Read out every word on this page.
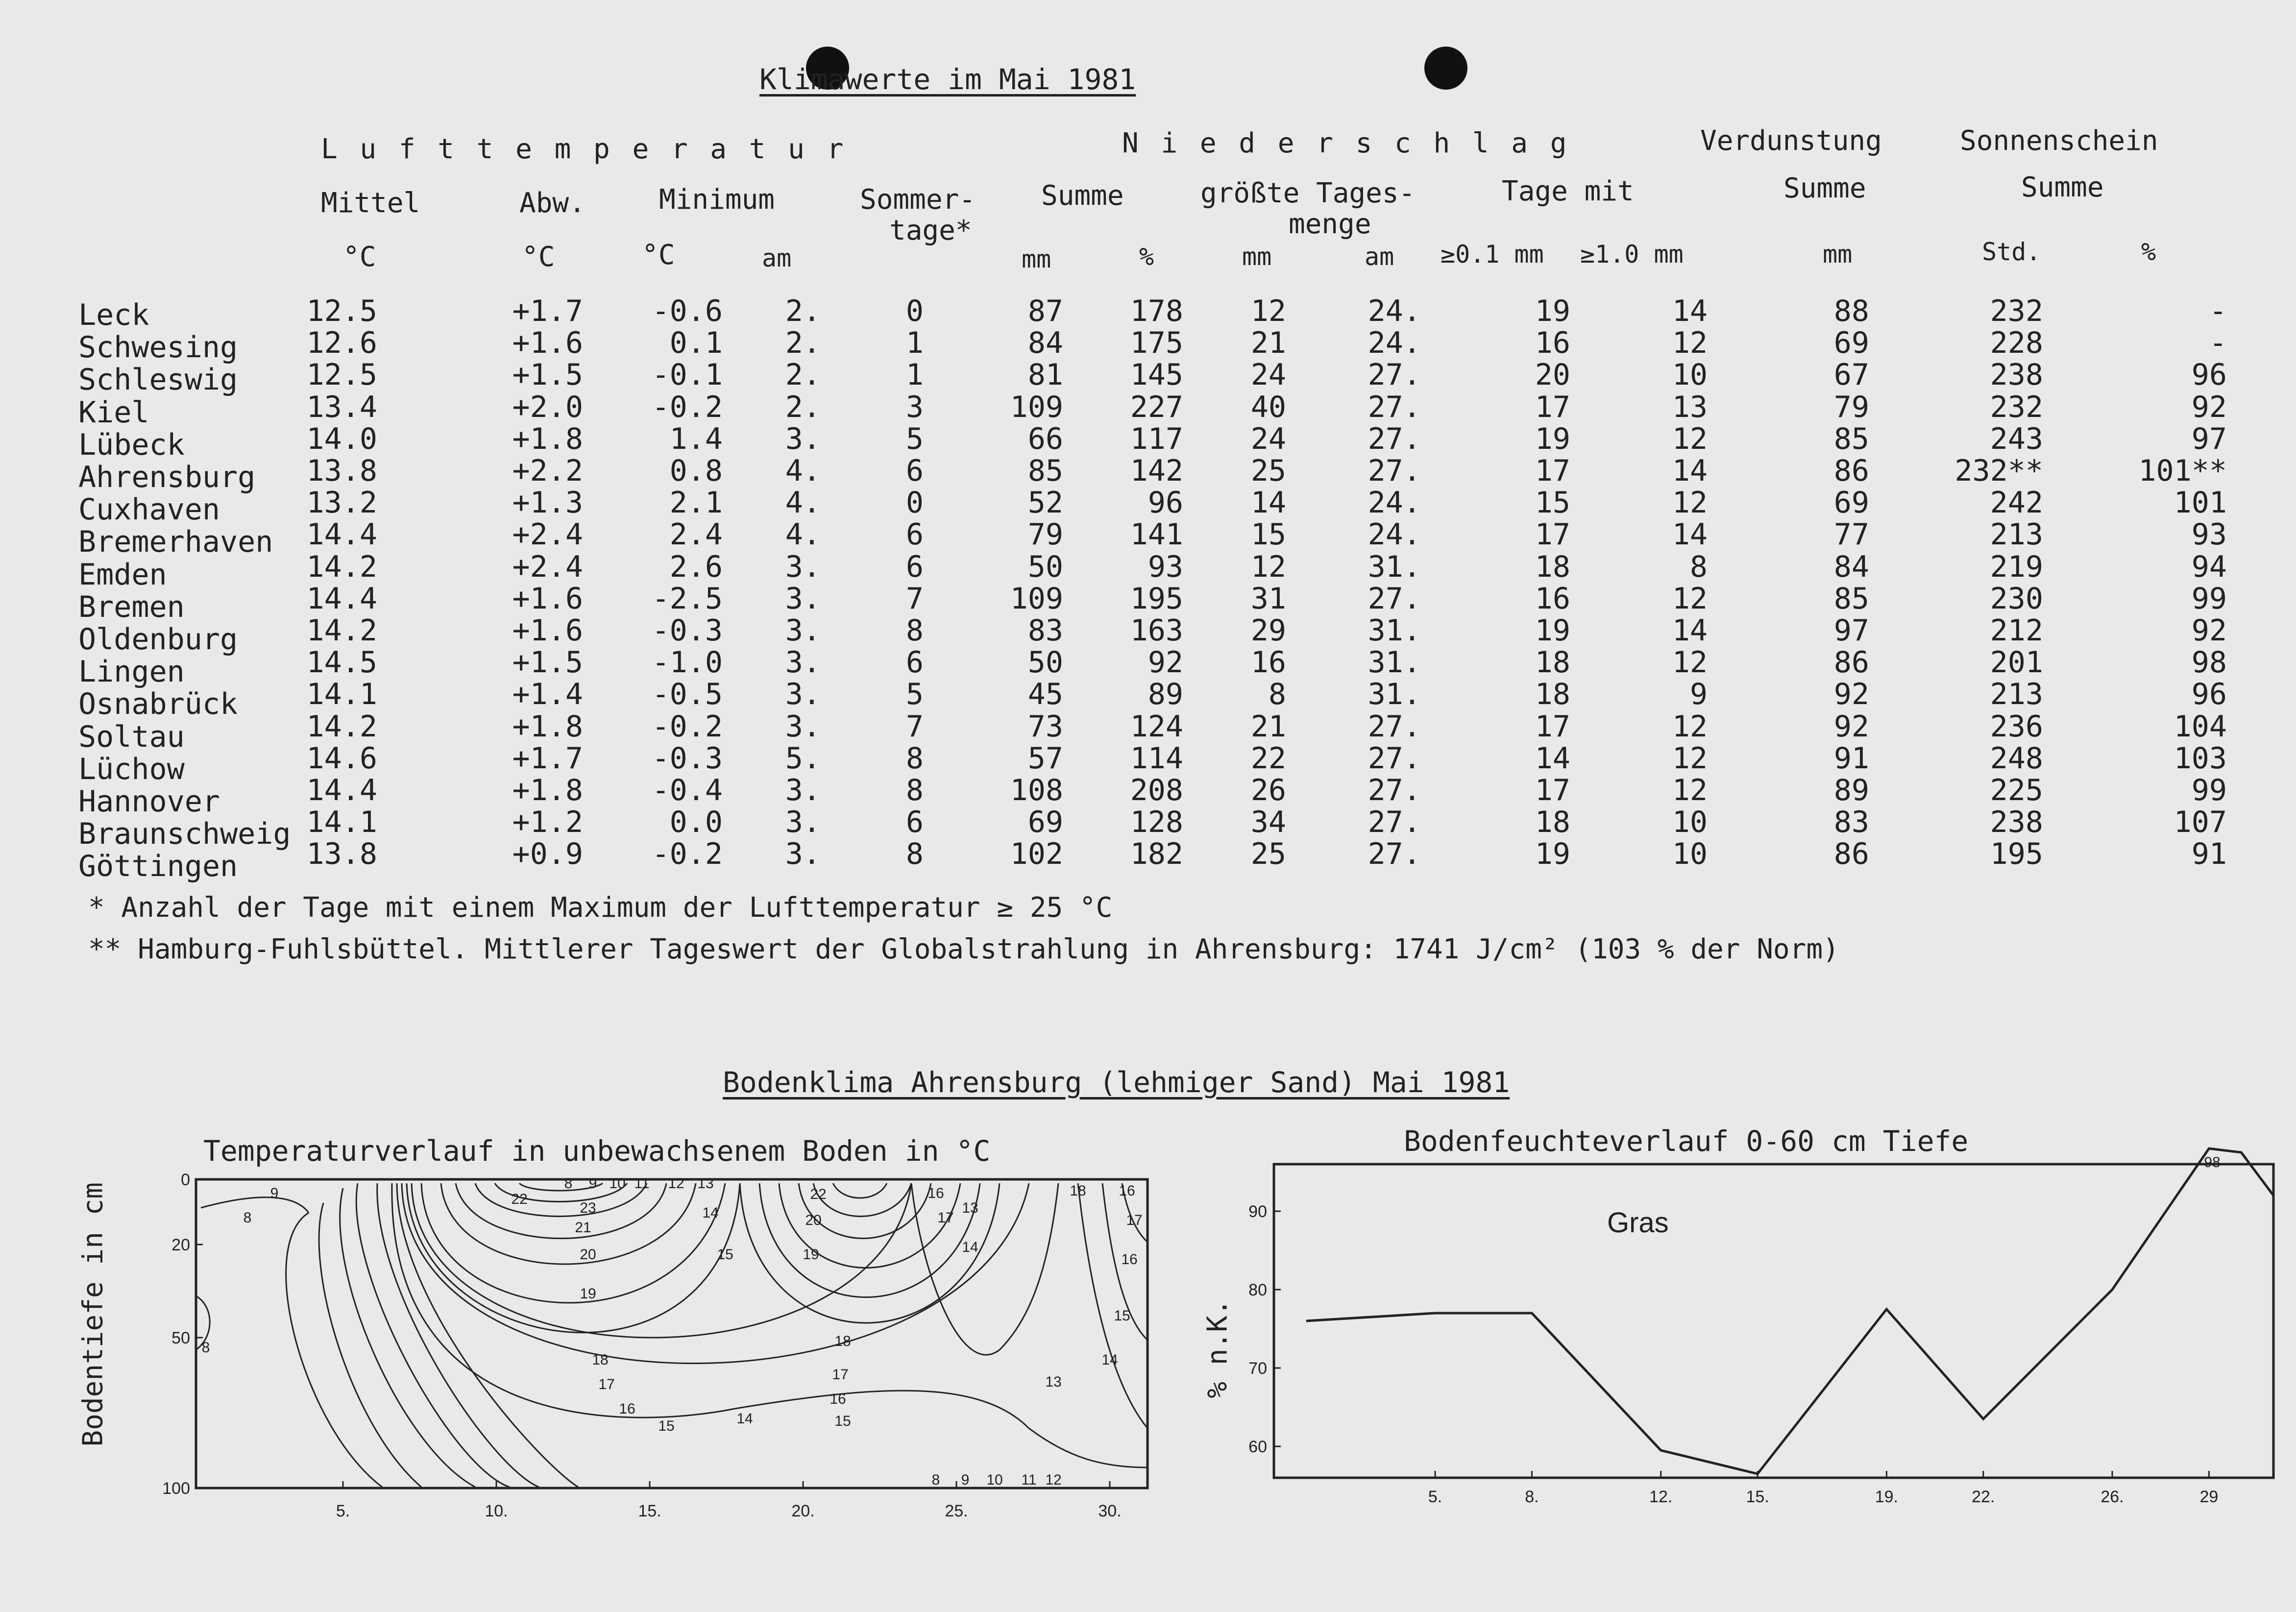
Klimawerte im Mai 1981
L u f t t e m p e r a t u r	N i e d e r s c h l a g	Verdunstung	Sonnenschein
Mittel	Abw.	Minimum	Sommer-
tage*
Summe	größte Tages-
menge
Tage mit	Summe	Summe
°C	°C	°C	am	mm	%	mm	am ≥0.1 mm ≥1.0 mm	mm	Std.	%
Leck	12.5	+1.7 -0.6 2.	0	87 178 12	24.	19	14	88	232	-
Schwesing 12.6	+1.6	0.1 2.	1	84 175 21	24.	16	12	69	228	-
Schleswig 12.5	+1.5 -0.1 2.	1	81 145 24	27.	20	10	67	238	96
Kiel	13.4	+2.0 -0.2 2.	3	109 227 40	27.	17	13	79	232	92
Lübeck	14.0	+1.8	1.4 3.	5	66 117 24	27.	19	12	85	243	97
Ahrensburg 13.8	+2.2	0.8 4.	6	85 142 25	27.	17	14	86	232**	101**
Cuxhaven	13.2	+1.3	2.1 4.	0	52	96 14	24.	15	12	69	242	101
Bremerhaven 14.4	+2.4	2.4 4.	6	79 141 15	24.	17	14	77	213	93
Emden	14.2	+2.4	2.6 3.	6	50	93 12	31.	18	8	84	219	94
Bremen	14.4	+1.6 -2.5 3.	7	109 195 31	27.	16	12	85	230	99
Oldenburg 14.2	+1.6 -0.3 3.	8	83 163 29	31.	19	14	97	212	92
Lingen	14.5	+1.5 -1.0 3.	6	50	92 16	31.	18	12	86	201	98
Osnabrück 14.1	+1.4 -0.5 3.	5	45	89	8	31.	18	9	92	213	96
Soltau	14.2	+1.8 -0.2 3.	7	73 124 21	27.	17	12	92	236	104
Lüchow	14.6	+1.7 -0.3 5.	8	57 114 22	27.	14	12	91	248	103
Hannover	14.4	+1.8 -0.4 3.	8	108 208 26	27.	17	12	89	225	99
Braunschweig 14.1	+1.2	0.0 3.	6	69 128 34	27.	18	10	83	238	107
Göttingen 13.8	+0.9 -0.2 3.	8	102 182 25	27.	19	10	86	195	91
* Anzahl der Tage mit einem Maximum der Lufttemperatur ≥ 25 °C
** Hamburg-Fuhlsbüttel. Mittlerer Tageswert der Globalstrahlung in Ahrensburg: 1741 J/cm² (103 % der Norm)
Bodenklima Ahrensburg (lehmiger Sand) Mai 1981
Temperaturverlauf in unbewachsenem Boden in °C
Bodentiefe in cm
0
20
50
100
5.	10.	15.	20.	25.	30.
8
9
8
23
22
21
20
19
18
17
16
15	14
13
12
11
10
9
8
22
20
19
18
17
16
15
14
15
16
17
13
14
18 16
17
16
15
14
13
12
11
10
9
8
Bodenfeuchteverlauf 0-60 cm Tiefe
% n.K.
Gras
60
70
80
90
5.	8.	12.	15.	19.	22.	26.	29
98
